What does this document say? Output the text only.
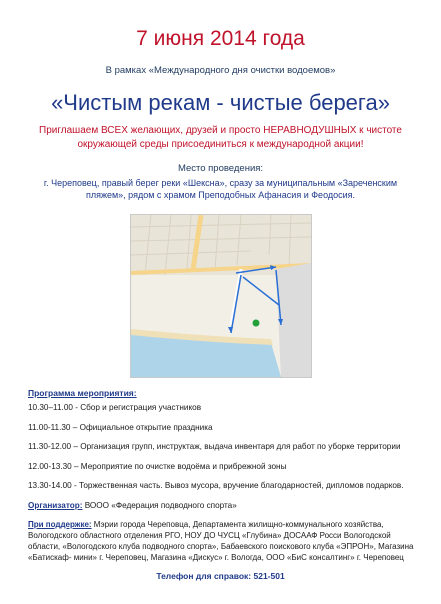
7 июня 2014 года
В рамках «Международного дня очистки водоемов»
«Чистым рекам - чистые берега»
Приглашаем ВСЕХ желающих, друзей и просто НЕРАВНОДУШНЫХ к чистоте окружающей среды присоединиться к международной акции!
Место проведения:
г. Череповец, правый берег реки «Шексна», сразу за муниципальным «Зареченским пляжем», рядом с храмом Преподобных Афанасия и Феодосия.
Программа мероприятия:
10.30–11.00 - Сбор и регистрация участников
11.00-11.30 – Официальное открытие праздника
11.30-12.00 – Организация групп, инструктаж, выдача инвентаря для работ по уборке территории
12.00-13.30 – Мероприятие по очистке водоёма и прибрежной зоны
13.30-14.00 - Торжественная часть. Вывоз мусора, вручение благодарностей, дипломов подарков.
Организатор: ВООО «Федерация подводного спорта»
При поддержке: Мэрии города Череповца, Департамента жилищно-коммунального хозяйства, Вологодского областного отделения РГО, НОУ ДО ЧУСЦ «Глубина» ДОСААФ Росси Вологодской области, «Вологодского клуба подводного спорта», Бабаевского поискового клуба «ЭПРОН», Магазина «Батискаф- мини» г. Череповец, Магазина «Дискус» г. Вологда, ООО «БиС консалтинг» г. Череповец
Телефон для справок: 521-501
